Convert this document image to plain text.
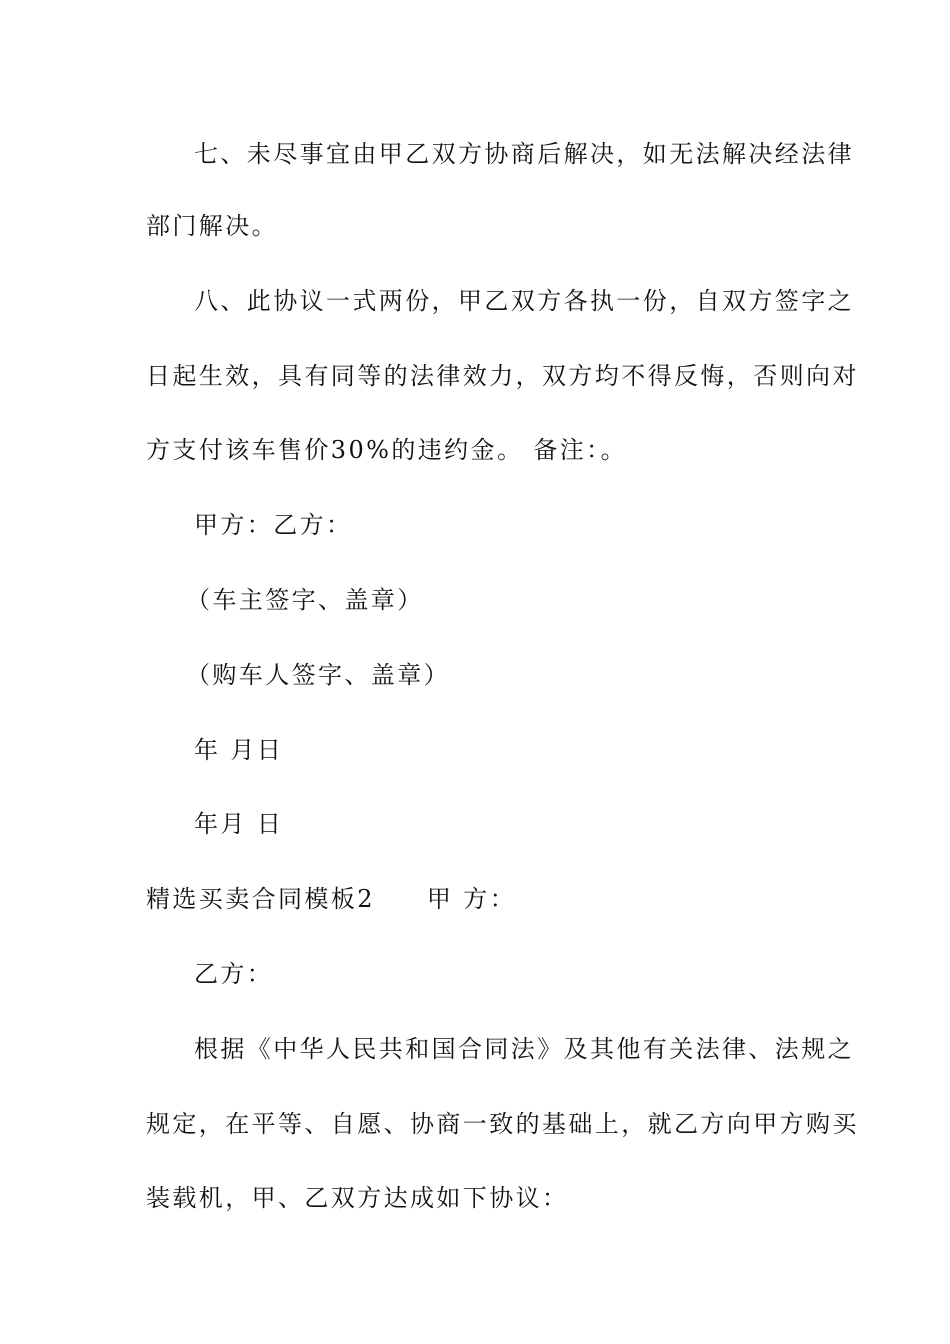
七、未尽事宜由甲乙双方协商后解决，如无法解决经法律
部门解决。
八、此协议一式两份，甲乙双方各执一份，自双方签字之
日起生效，具有同等的法律效力，双方均不得反悔，否则向对
方支付该车售价30%的违约金。 备注：。
甲方：乙方：
（车主签字、盖章）
（购车人签字、盖章）
年 月日
年月 日
精选买卖合同模板2 甲 方：
乙方：
根据《中华人民共和国合同法》及其他有关法律、法规之
规定，在平等、自愿、协商一致的基础上，就乙方向甲方购买
装载机，甲、乙双方达成如下协议：
